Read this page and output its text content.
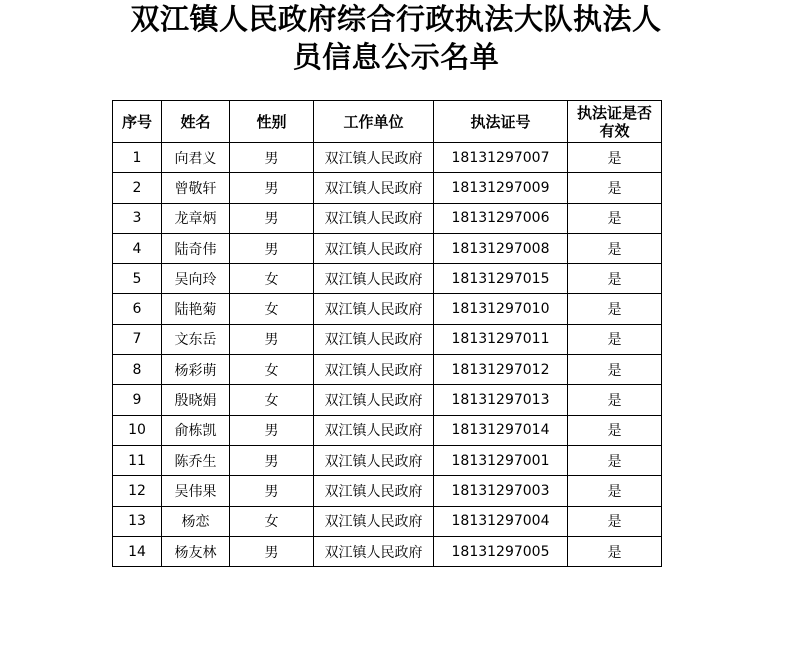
双江镇人民政府综合行政执法大队执法人
员信息公示名单
序号	姓名	性别	工作单位	执法证号	执法证是否
有效
1	向君义	男	双江镇人民政府	18131297007	是
2	曾敬轩	男	双江镇人民政府	18131297009	是
3	龙章炳	男	双江镇人民政府	18131297006	是
4	陆奇伟	男	双江镇人民政府	18131297008	是
5	吴向玲	女	双江镇人民政府	18131297015	是
6	陆艳菊	女	双江镇人民政府	18131297010	是
7	文东岳	男	双江镇人民政府	18131297011	是
8	杨彩萌	女	双江镇人民政府	18131297012	是
9	殷晓娟	女	双江镇人民政府	18131297013	是
10	俞栋凯	男	双江镇人民政府	18131297014	是
11	陈乔生	男	双江镇人民政府	18131297001	是
12	吴伟果	男	双江镇人民政府	18131297003	是
13	杨恋	女	双江镇人民政府	18131297004	是
14	杨友林	男	双江镇人民政府	18131297005	是
